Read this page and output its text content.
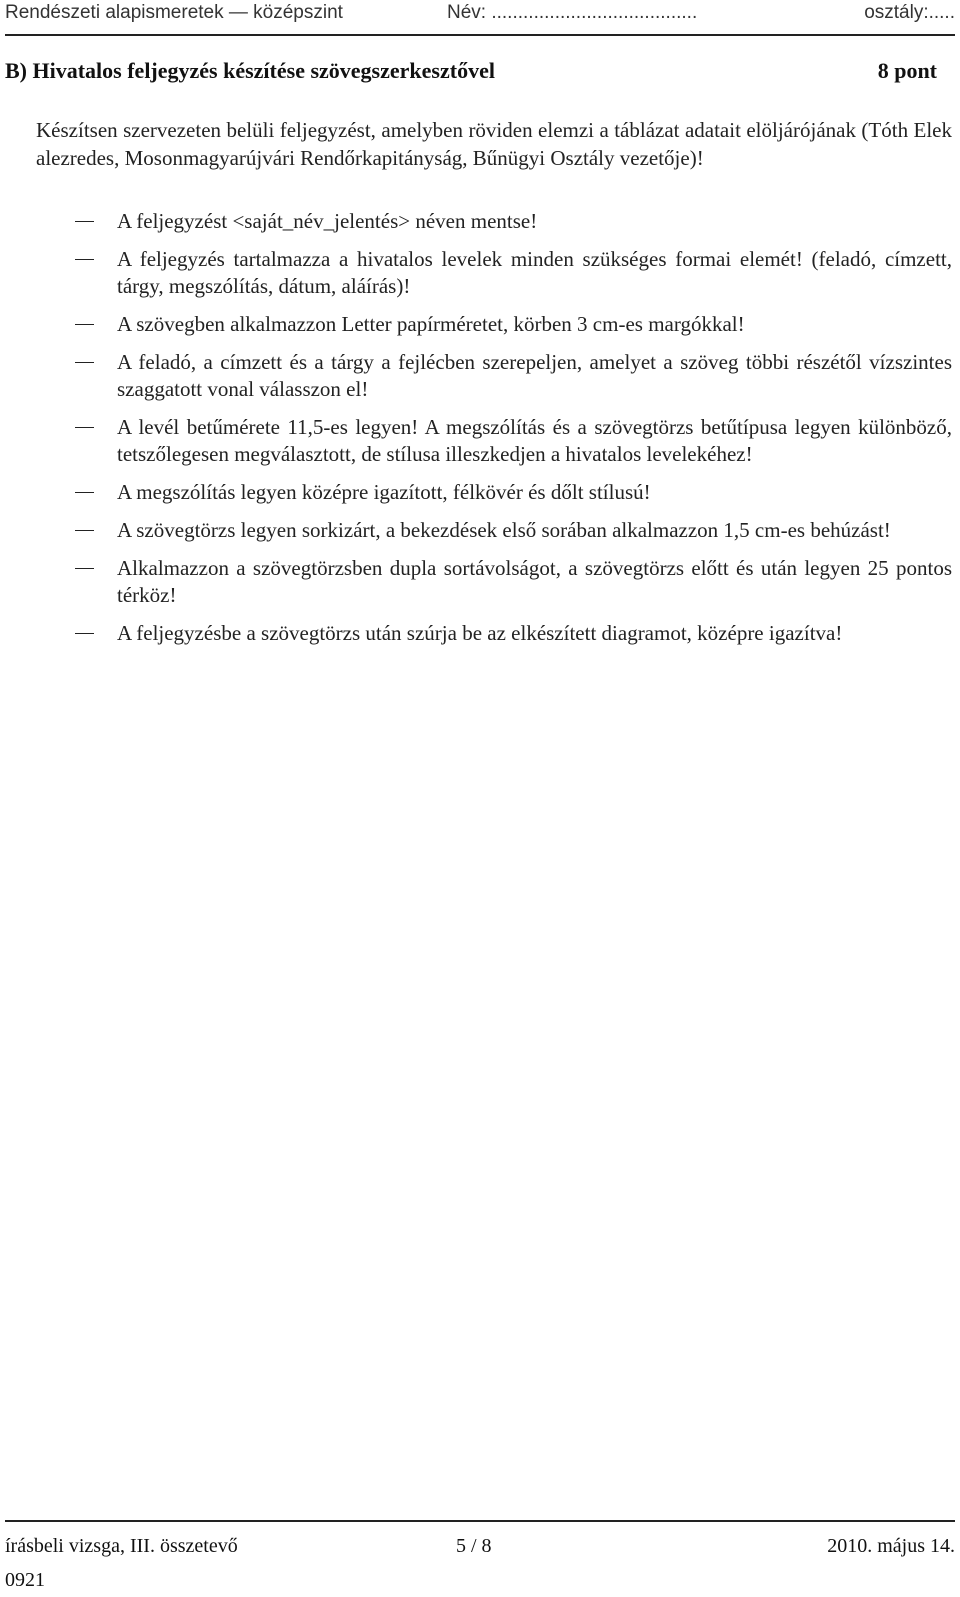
Rendészeti alapismeretek — középszint	Név: .......................................	osztály:.....
B) Hivatalos feljegyzés készítése szövegszerkesztővel	8 pont
Készítsen szervezeten belüli feljegyzést, amelyben röviden elemzi a táblázat adatait elöljárójának (Tóth Elek alezredes, Mosonmagyarújvári Rendőrkapitányság, Bűnügyi Osztály vezetője)!
A feljegyzést <saját_név_jelentés> néven mentse!
A feljegyzés tartalmazza a hivatalos levelek minden szükséges formai elemét! (feladó, címzett, tárgy, megszólítás, dátum, aláírás)!
A szövegben alkalmazzon Letter papírméretet, körben 3 cm-es margókkal!
A feladó, a címzett és a tárgy a fejlécben szerepeljen, amelyet a szöveg többi részétől vízszintes szaggatott vonal válasszon el!
A levél betűmérete 11,5-es legyen! A megszólítás és a szövegtörzs betűtípusa legyen különböző, tetszőlegesen megválasztott, de stílusa illeszkedjen a hivatalos levelekéhez!
A megszólítás legyen középre igazított, félkövér és dőlt stílusú!
A szövegtörzs legyen sorkizárt, a bekezdések első sorában alkalmazzon 1,5 cm-es behúzást!
Alkalmazzon a szövegtörzsben dupla sortávolságot, a szövegtörzs előtt és után legyen 25 pontos térköz!
A feljegyzésbe a szövegtörzs után szúrja be az elkészített diagramot, középre igazítva!
írásbeli vizsga, III. összetevő	5 / 8	2010. május 14.
0921
